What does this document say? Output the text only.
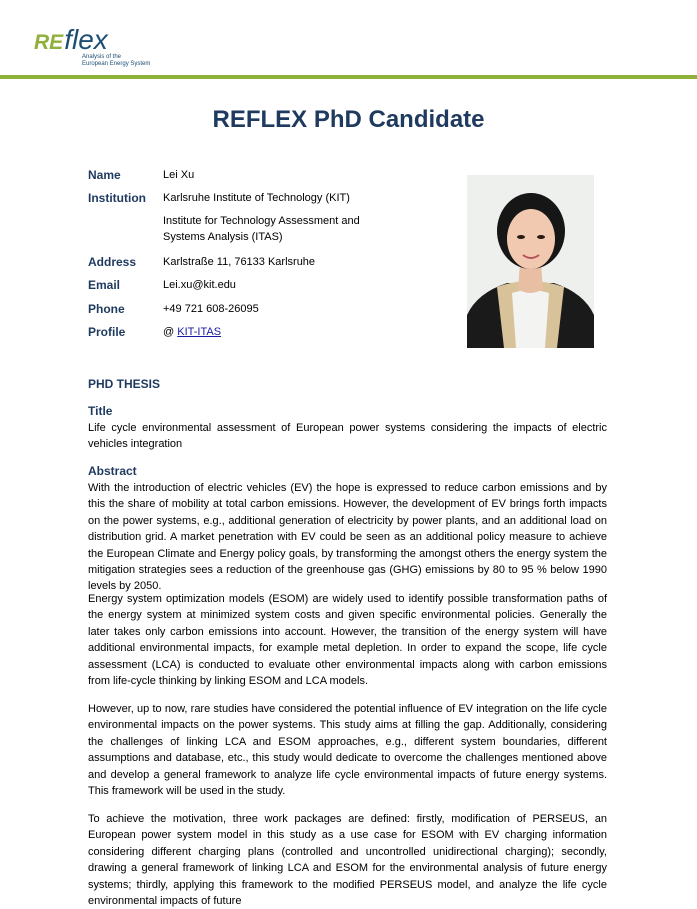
RE flex
Analysis of the
European Energy System
REFLEX PhD Candidate
Name	Lei Xu
Institution Karlsruhe Institute of Technology (KIT)
Institute for Technology Assessment and Systems Analysis (ITAS)
Address Karlstraße 11, 76133 Karlsruhe
Email	Lei.xu@kit.edu
Phone	+49 721 608-26095
Profile	@ KIT-ITAS
PHD THESIS
Title
Life cycle environmental assessment of European power systems considering the impacts of electric vehicles integration
Abstract
With the introduction of electric vehicles (EV) the hope is expressed to reduce carbon emissions and by this the share of mobility at total carbon emissions. However, the development of EV brings forth impacts on the power systems, e.g., additional generation of electricity by power plants, and an additional load on distribution grid. A market penetration with EV could be seen as an additional policy measure to achieve the European Climate and Energy policy goals, by transforming the amongst others the energy system the mitigation strategies sees a reduction of the greenhouse gas (GHG) emissions by 80 to 95 % below 1990 levels by 2050.
Energy system optimization models (ESOM) are widely used to identify possible transformation paths of the energy system at minimized system costs and given specific environmental policies. Generally the later takes only carbon emissions into account. However, the transition of the energy system will have additional environmental impacts, for example metal depletion. In order to expand the scope, life cycle assessment (LCA) is conducted to evaluate other environmental impacts along with carbon emissions from life-cycle thinking by linking ESOM and LCA models.
However, up to now, rare studies have considered the potential influence of EV integration on the life cycle environmental impacts on the power systems. This study aims at filling the gap. Additionally, considering the challenges of linking LCA and ESOM approaches, e.g., different system boundaries, different assumptions and database, etc., this study would dedicate to overcome the challenges mentioned above and develop a general framework to analyze life cycle environmental impacts of future energy systems. This framework will be used in the study.
To achieve the motivation, three work packages are defined: firstly, modification of PERSEUS, an European power system model in this study as a use case for ESOM with EV charging information considering different charging plans (controlled and uncontrolled unidirectional charging); secondly, drawing a general framework of linking LCA and ESOM for the environmental analysis of future energy systems; thirdly, applying this framework to the modified PERSEUS model, and analyze the life cycle environmental impacts of future
